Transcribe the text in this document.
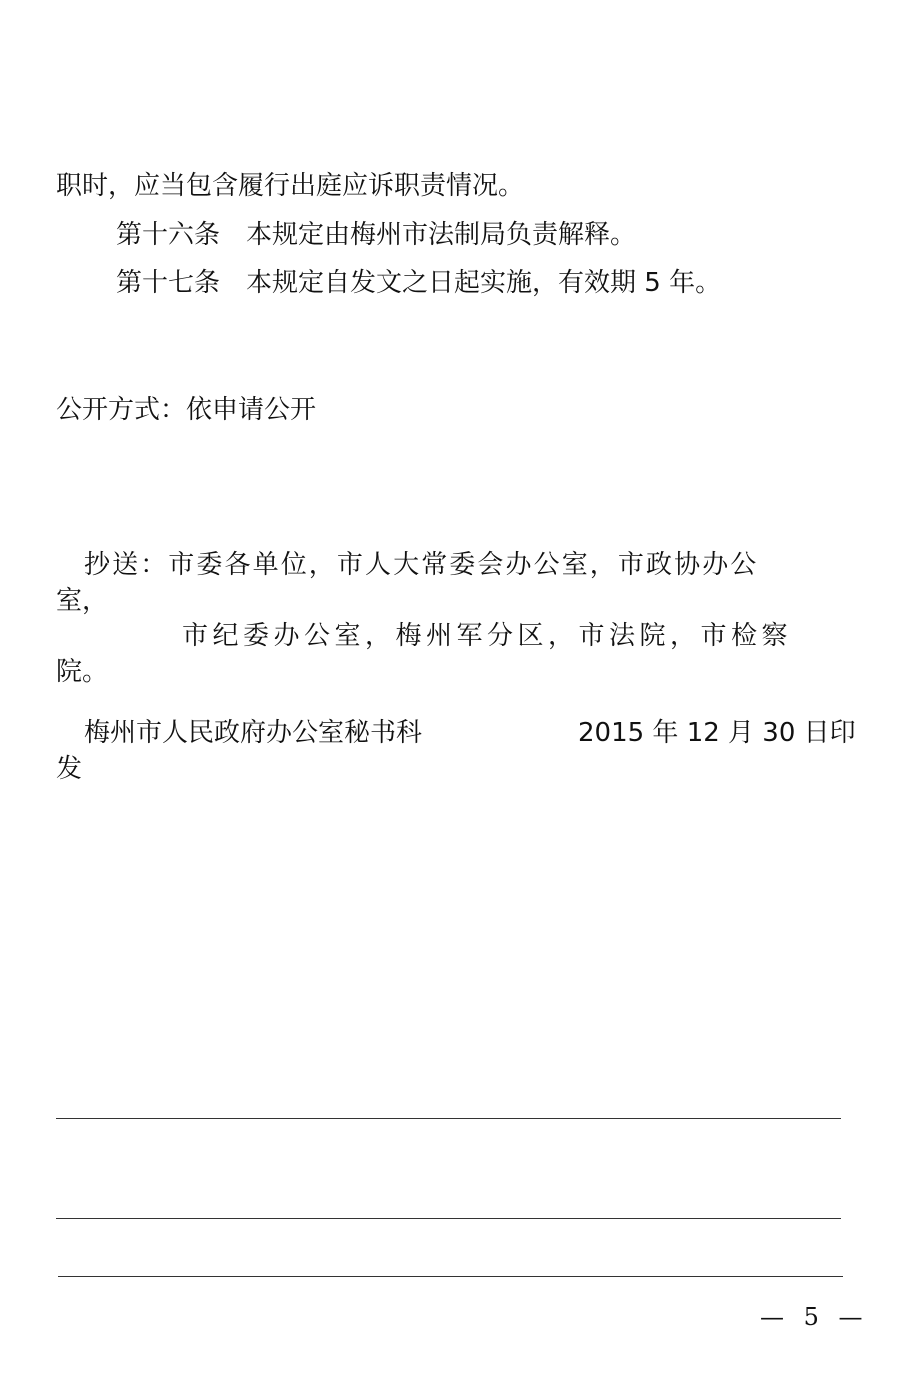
职时，应当包含履行出庭应诉职责情况。

第十六条　本规定由梅州市法制局负责解释。

第十七条　本规定自发文之日起实施，有效期 5 年。

公开方式：依申请公开

抄送：市委各单位，市人大常委会办公室，市政协办公

室，

市纪委办公室，梅州军分区，市法院，市检察

院。

梅州市人民政府办公室秘书科	2015 年 12 月 30 日印

发

— 5 —
